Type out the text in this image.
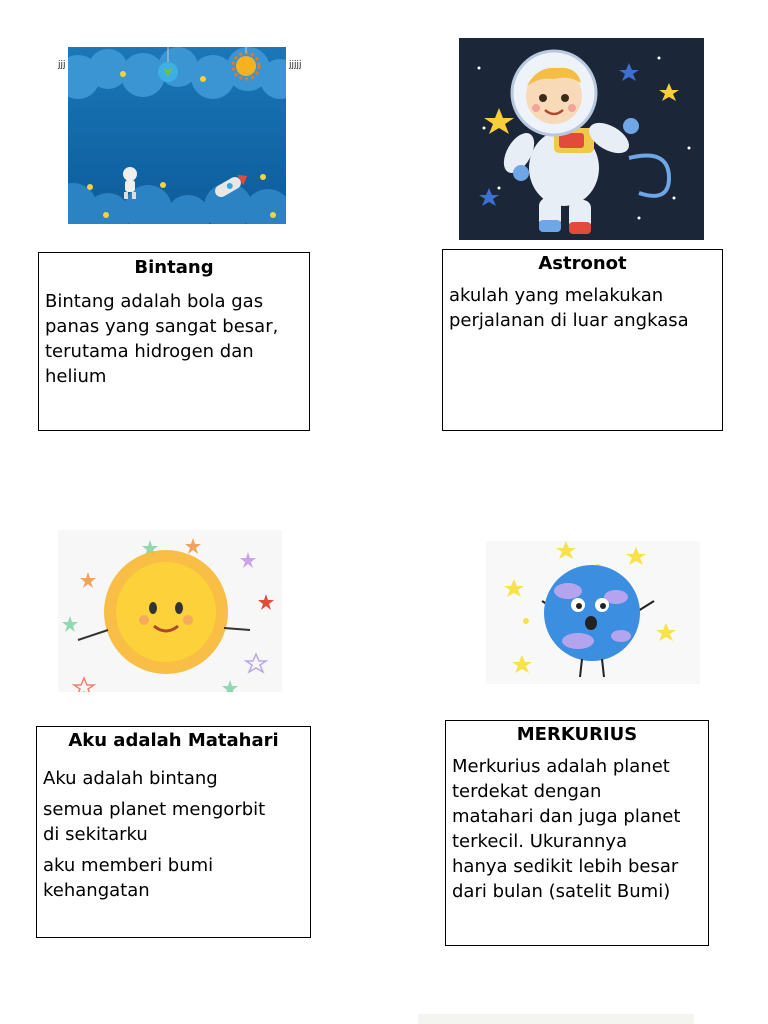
jjj	jjjjj
Bintang

Bintang adalah bola gas

panas yang sangat besar,

terutama hidrogen dan

helium

Astronot

akulah yang melakukan

perjalanan di luar angkasa

Aku adalah Matahari

Aku adalah bintang

semua planet mengorbit

di sekitarku

aku memberi bumi

kehangatan

MERKURIUS

Merkurius adalah planet

terdekat dengan

matahari dan juga planet

terkecil. Ukurannya

hanya sedikit lebih besar

dari bulan (satelit Bumi)
